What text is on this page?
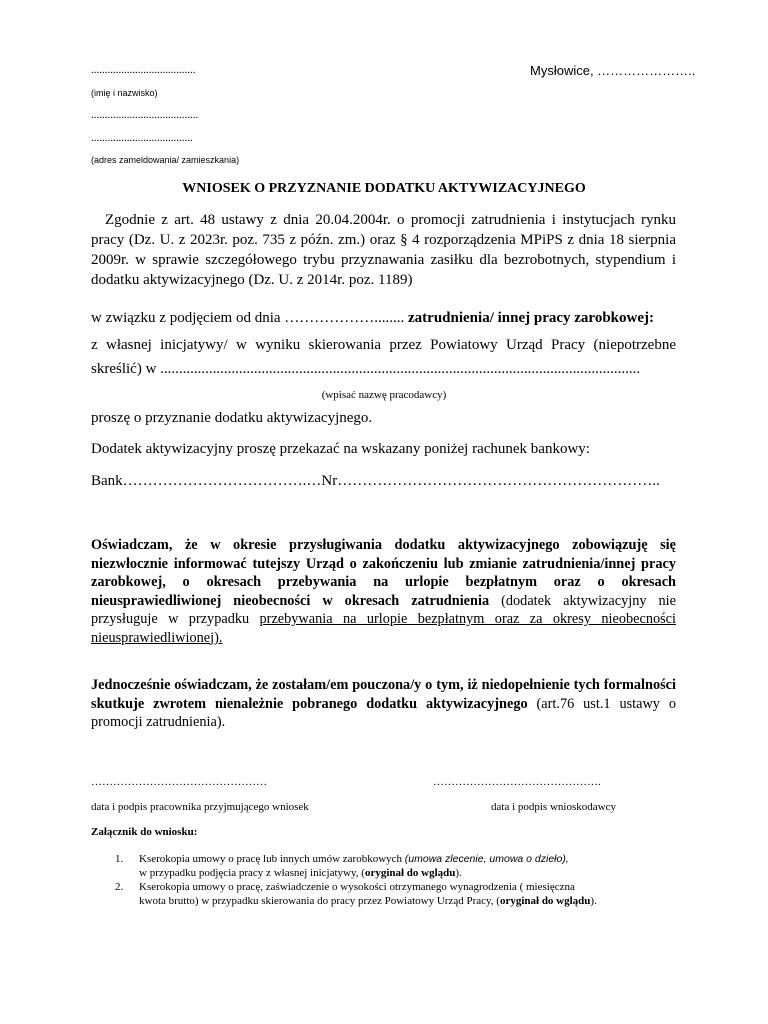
......................................
(imię i nazwisko)
.......................................
.....................................
(adres zameldowania/ zamieszkania)
Mysłowice, …………………..
WNIOSEK O PRZYZNANIE DODATKU AKTYWIZACYJNEGO
Zgodnie z art. 48 ustawy z dnia 20.04.2004r. o promocji zatrudnienia i instytucjach rynku pracy (Dz. U. z 2023r. poz. 735 z późn. zm.) oraz § 4 rozporządzenia MPiPS z dnia 18 sierpnia 2009r. w sprawie szczegółowego trybu przyznawania zasiłku dla bezrobotnych, stypendium i dodatku aktywizacyjnego (Dz. U. z 2014r. poz. 1189)
w związku z podjęciem od dnia ………………........ zatrudnienia/ innej pracy zarobkowej:
z własnej inicjatywy/ w wyniku skierowania przez Powiatowy Urząd Pracy (niepotrzebne skreślić) w ................................................................................................................................
(wpisać nazwę pracodawcy)
proszę o przyznanie dodatku aktywizacyjnego.
Dodatek aktywizacyjny proszę przekazać na wskazany poniżej rachunek bankowy:
Bank……………………………….…Nr………………………………………………………..
Oświadczam, że w okresie przysługiwania dodatku aktywizacyjnego zobowiązuję się niezwłocznie informować tutejszy Urząd o zakończeniu lub zmianie zatrudnienia/innej pracy zarobkowej, o okresach przebywania na urlopie bezpłatnym oraz o okresach nieusprawiedliwionej nieobecności w okresach zatrudnienia (dodatek aktywizacyjny nie przysługuje w przypadku przebywania na urlopie bezpłatnym oraz za okresy nieobecności nieusprawiedliwionej).
Jednocześnie oświadczam, że zostałam/em pouczona/y o tym, iż niedopełnienie tych formalności skutkuje zwrotem nienależnie pobranego dodatku aktywizacyjnego (art.76 ust.1 ustawy o promocji zatrudnienia).
…………………………………………	……………………………………….
data i podpis pracownika przyjmującego wniosek	data i podpis wnioskodawcy
Załącznik do wniosku:
1. Kserokopia umowy o pracę lub innych umów zarobkowych (umowa zlecenie, umowa o dzieło),
w przypadku podjęcia pracy z własnej inicjatywy, (oryginał do wglądu).
2. Kserokopia umowy o pracę, zaświadczenie o wysokości otrzymanego wynagrodzenia ( miesięczna
kwota brutto) w przypadku skierowania do pracy przez Powiatowy Urząd Pracy, (oryginał do wglądu).
